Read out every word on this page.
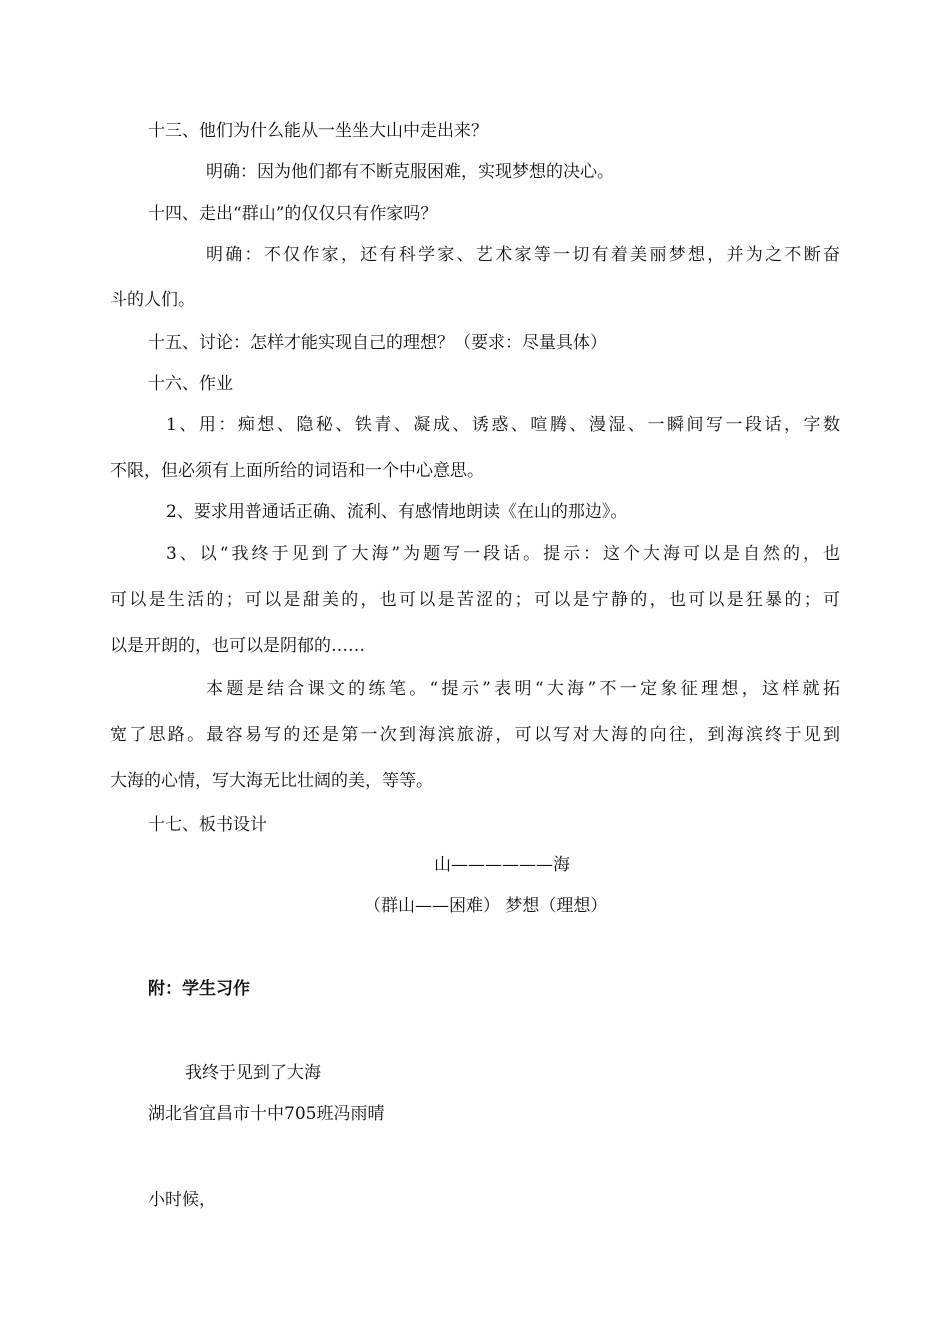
十三、他们为什么能从一坐坐大山中走出来？
明确：因为他们都有不断克服困难，实现梦想的决心。
十四、走出“群山”的仅仅只有作家吗？
明确：不仅作家，还有科学家、艺术家等一切有着美丽梦想，并为之不断奋
斗的人们。
十五、讨论：怎样才能实现自己的理想？（要求：尽量具体）
十六、作业
1、用：痴想、隐秘、铁青、凝成、诱惑、喧腾、漫湿、一瞬间写一段话，字数
不限，但必须有上面所给的词语和一个中心意思。
2、要求用普通话正确、流利、有感情地朗读《在山的那边》。
3、以“我终于见到了大海”为题写一段话。提示：这个大海可以是自然的，也
可以是生活的；可以是甜美的，也可以是苦涩的；可以是宁静的，也可以是狂暴的；可
以是开朗的，也可以是阴郁的……
本题是结合课文的练笔。“提示”表明“大海”不一定象征理想，这样就拓
宽了思路。最容易写的还是第一次到海滨旅游，可以写对大海的向往，到海滨终于见到
大海的心情，写大海无比壮阔的美，等等。
十七、板书设计
山——————海
（群山——困难） 梦想（理想）
附：学生习作
我终于见到了大海
湖北省宜昌市十中705班冯雨晴
小时候，
